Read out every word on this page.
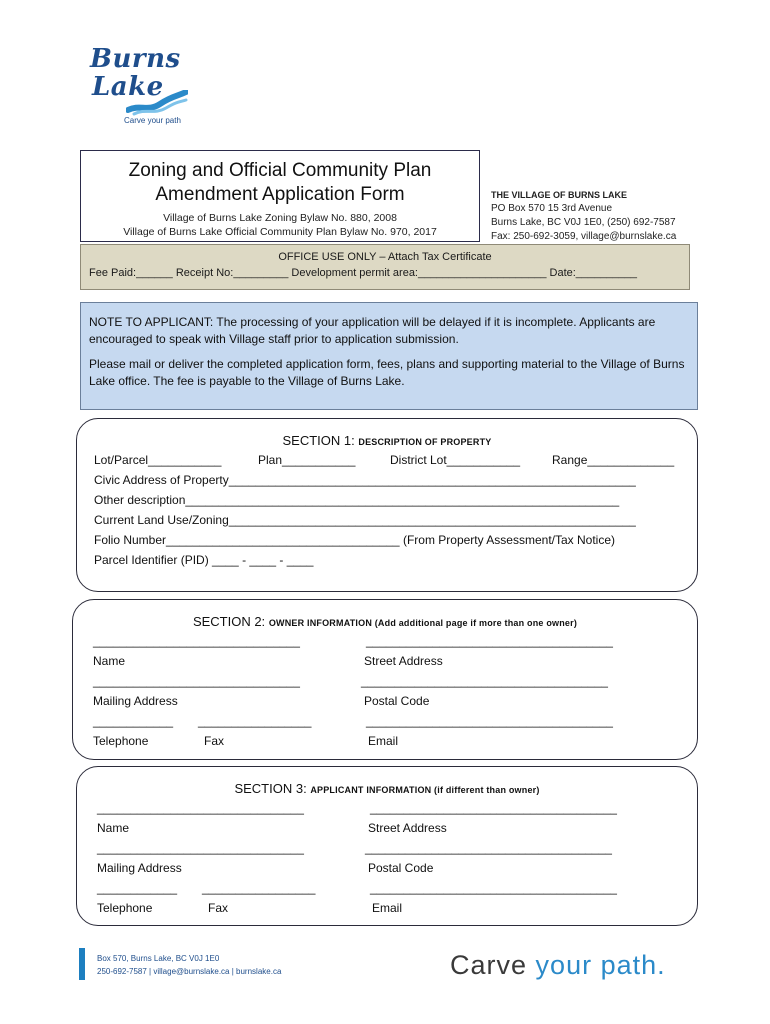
Burns
Lake
Carve your path
Zoning and Official Community Plan
Amendment Application Form
Village of Burns Lake Zoning Bylaw No. 880, 2008
Village of Burns Lake Official Community Plan Bylaw No. 970, 2017
THE VILLAGE OF BURNS LAKE
PO Box 570 15 3rd Avenue
Burns Lake, BC V0J 1E0, (250) 692-7587
Fax: 250-692-3059, village@burnslake.ca
OFFICE USE ONLY – Attach Tax Certificate
Fee Paid:______ Receipt No:_________ Development permit area:_____________________ Date:__________

NOTE TO APPLICANT: The processing of your application will be delayed if it is incomplete. Applicants are encouraged to speak with Village staff prior to application submission.

Please mail or deliver the completed application form, fees, plans and supporting material to the Village of Burns Lake office. The fee is payable to the Village of Burns Lake.

SECTION 1: DESCRIPTION OF PROPERTY
Lot/Parcel___________	Plan___________	District Lot___________	Range_____________
Civic Address of Property_____________________________________________________________
Other description_________________________________________________________________
Current Land Use/Zoning_____________________________________________________________
Folio Number___________________________________ (From Property Assessment/Tax Notice)
Parcel Identifier (PID) ____ - ____ - ____
SECTION 2: OWNER INFORMATION (Add additional page if more than one owner)
_______________________________	_____________________________________
Name	Street Address
_______________________________	_____________________________________
Mailing Address	Postal Code
____________ _________________	_____________________________________
Telephone	Fax	Email
SECTION 3: APPLICANT INFORMATION (if different than owner)
_______________________________	_____________________________________
Name	Street Address
_______________________________	_____________________________________
Mailing Address	Postal Code
____________ _________________	_____________________________________
Telephone	Fax	Email
Box 570, Burns Lake, BC V0J 1E0
250-692-7587 | village@burnslake.ca | burnslake.ca	Carve your path.
